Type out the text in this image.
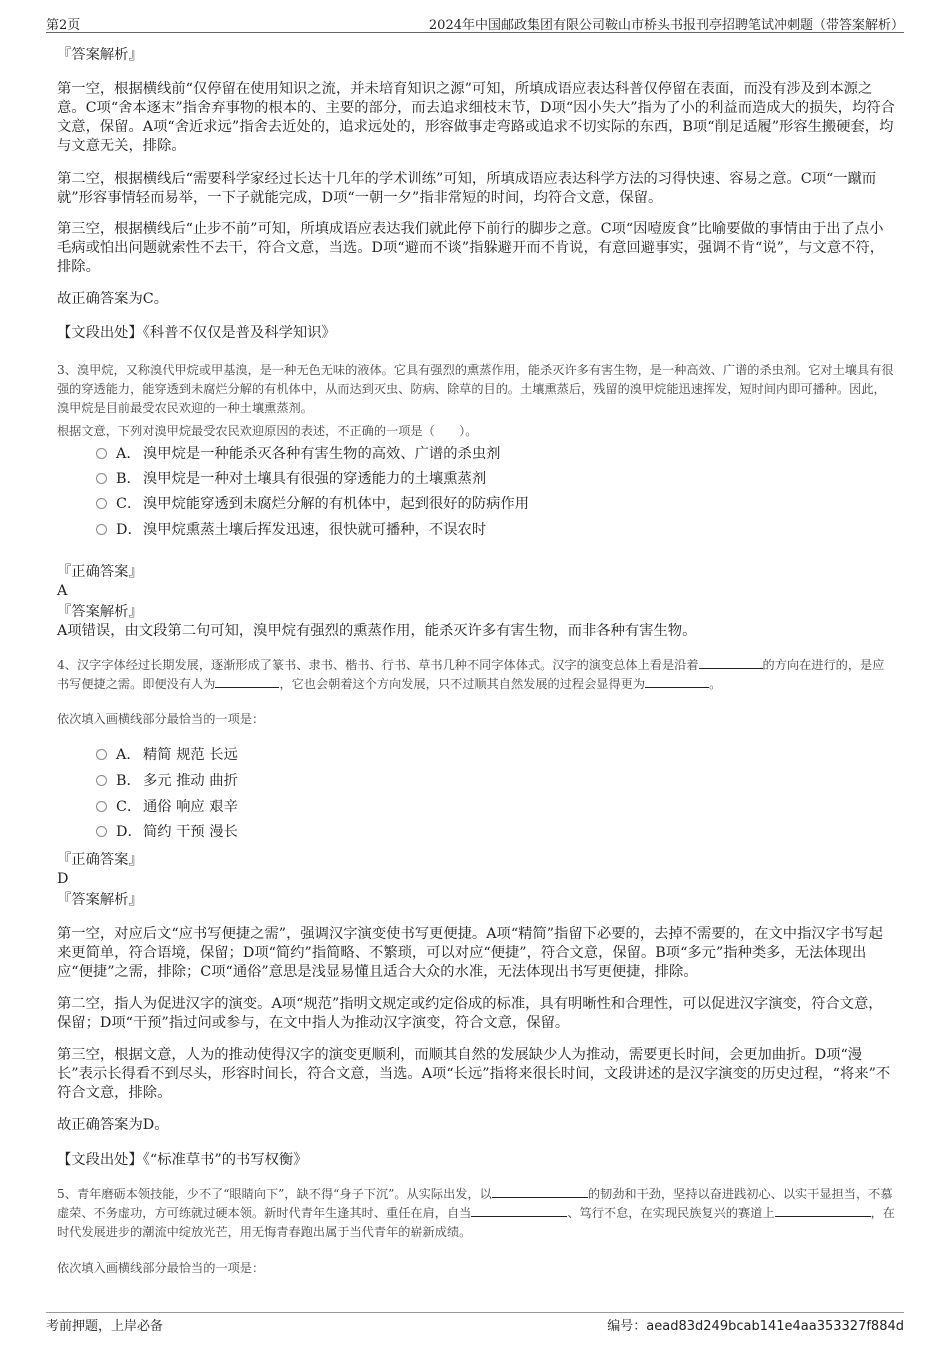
第2页	2024年中国邮政集团有限公司鞍山市桥头书报刊亭招聘笔试冲刺题（带答案解析）
『答案解析』

第一空，根据横线前“仅停留在使用知识之流，并未培育知识之源”可知，所填成语应表达科普仅停留在表面，而没有涉及到本源之意。C项“舍本逐末”指舍弃事物的根本的、主要的部分，而去追求细枝末节，D项“因小失大”指为了小的利益而造成大的损失，均符合文意，保留。A项“舍近求远”指舍去近处的，追求远处的，形容做事走弯路或追求不切实际的东西，B项“削足适履”形容生搬硬套，均与文意无关，排除。

第二空，根据横线后“需要科学家经过长达十几年的学术训练”可知，所填成语应表达科学方法的习得快速、容易之意。C项“一蹴而就”形容事情轻而易举，一下子就能完成，D项“一朝一夕”指非常短的时间，均符合文意，保留。

第三空，根据横线后“止步不前”可知，所填成语应表达我们就此停下前行的脚步之意。C项“因噎废食”比喻要做的事情由于出了点小毛病或怕出问题就索性不去干，符合文意，当选。D项“避而不谈”指躲避开而不肯说，有意回避事实，强调不肯“说”，与文意不符，排除。

故正确答案为C。
【文段出处】《科普不仅仅是普及科学知识》

3、溴甲烷，又称溴代甲烷或甲基溴，是一种无色无味的液体。它具有强烈的熏蒸作用，能杀灭许多有害生物，是一种高效、广谱的杀虫剂。它对土壤具有很强的穿透能力，能穿透到未腐烂分解的有机体中，从而达到灭虫、防病、除草的目的。土壤熏蒸后，残留的溴甲烷能迅速挥发，短时间内即可播种。因此，溴甲烷是目前最受农民欢迎的一种土壤熏蒸剂。

根据文意，下列对溴甲烷最受农民欢迎原因的表述，不正确的一项是（　　）。
A． 溴甲烷是一种能杀灭各种有害生物的高效、广谱的杀虫剂
B． 溴甲烷是一种对土壤具有很强的穿透能力的土壤熏蒸剂
C． 溴甲烷能穿透到未腐烂分解的有机体中，起到很好的防病作用
D．溴甲烷熏蒸土壤后挥发迅速，很快就可播种，不误农时
『正确答案』
A
『答案解析』
A项错误，由文段第二句可知，溴甲烷有强烈的熏蒸作用，能杀灭许多有害生物，而非各种有害生物。

4、汉字字体经过长期发展，逐渐形成了篆书、隶书、楷书、行书、草书几种不同字体体式。汉字的演变总体上看是沿着	的方向在进行的，是应书写便捷之需。即便没有人为	，它也会朝着这个方向发展，只不过顺其自然发展的过程会显得更为	。

依次填入画横线部分最恰当的一项是：
A． 精简 规范 长远
B． 多元 推动 曲折
C． 通俗 响应 艰辛
D．简约 干预 漫长
『正确答案』
D
『答案解析』

第一空，对应后文“应书写便捷之需”，强调汉字演变使书写更便捷。A项“精简”指留下必要的，去掉不需要的，在文中指汉字书写起来更简单，符合语境，保留；D项“简约”指简略、不繁琐，可以对应“便捷”，符合文意，保留。B项“多元”指种类多，无法体现出应“便捷”之需，排除；C项“通俗”意思是浅显易懂且适合大众的水准，无法体现出书写更便捷，排除。

第二空，指人为促进汉字的演变。A项“规范”指明文规定或约定俗成的标准，具有明晰性和合理性，可以促进汉字演变，符合文意，保留；D项“干预”指过问或参与，在文中指人为推动汉字演变，符合文意，保留。

第三空，根据文意，人为的推动使得汉字的演变更顺利，而顺其自然的发展缺少人为推动，需要更长时间，会更加曲折。D项“漫长”表示长得看不到尽头，形容时间长，符合文意，当选。A项“长远”指将来很长时间，文段讲述的是汉字演变的历史过程，“将来”不符合文意，排除。

故正确答案为D。
【文段出处】《“标准草书”的书写权衡》

5、青年磨砺本领技能，少不了“眼睛向下”，缺不得“身子下沉”。从实际出发，以	的韧劲和干劲，坚持以奋进践初心、以实干显担当，不慕虚荣、不务虚功，方可练就过硬本领。新时代青年生逢其时、重任在肩，自当	、笃行不怠，在实现民族复兴的赛道上	，在时代发展进步的潮流中绽放光芒，用无悔青春跑出属于当代青年的崭新成绩。

依次填入画横线部分最恰当的一项是：
考前押题，上岸必备	编号：aead83d249bcab141e4aa353327f884d
